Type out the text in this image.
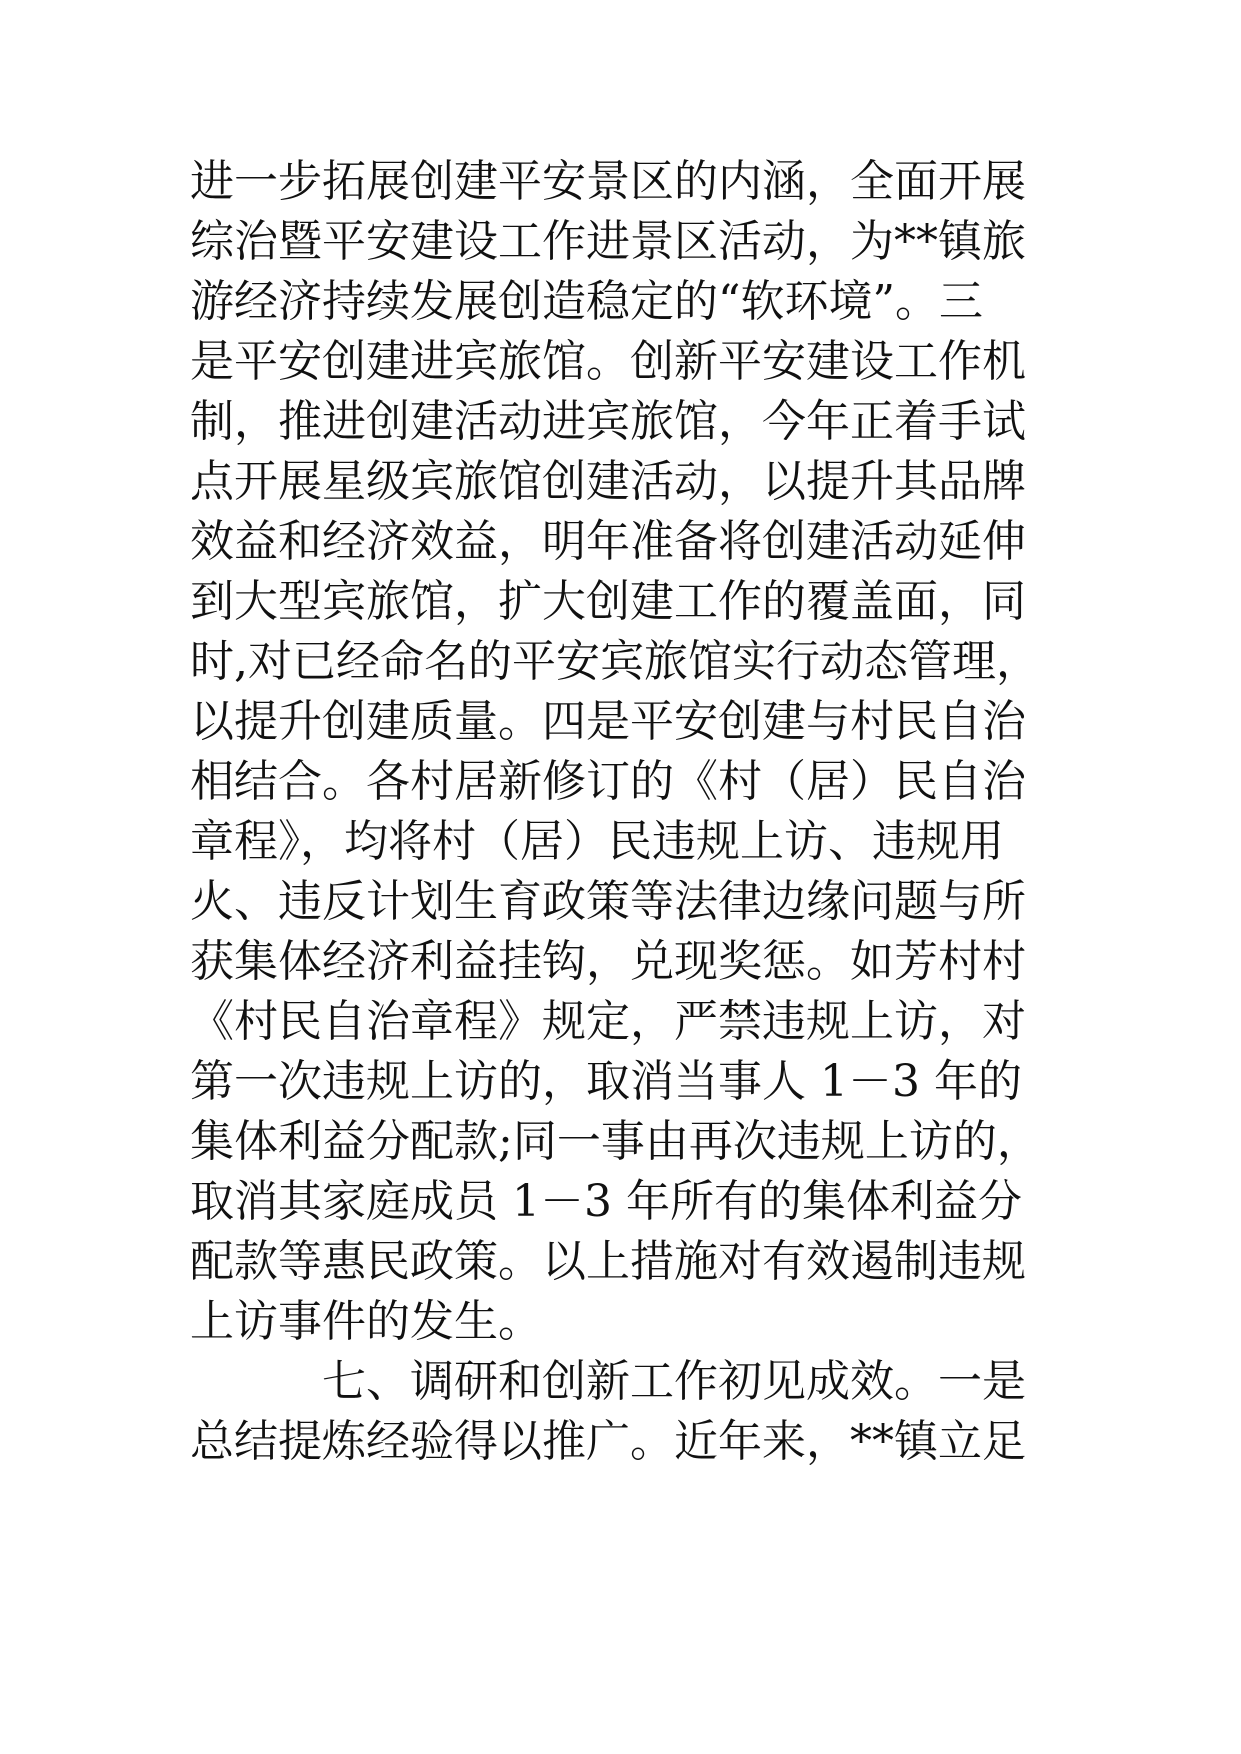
进一步拓展创建平安景区的内涵，全面开展
综治暨平安建设工作进景区活动，为**镇旅
游经济持续发展创造稳定的“软环境”。三
是平安创建进宾旅馆。创新平安建设工作机
制，推进创建活动进宾旅馆，今年正着手试
点开展星级宾旅馆创建活动，以提升其品牌
效益和经济效益，明年准备将创建活动延伸
到大型宾旅馆，扩大创建工作的覆盖面，同
时,对已经命名的平安宾旅馆实行动态管理，
以提升创建质量。四是平安创建与村民自治
相结合。各村居新修订的《村（居）民自治
章程》，均将村（居）民违规上访、违规用
火、违反计划生育政策等法律边缘问题与所
获集体经济利益挂钩，兑现奖惩。如芳村村
《村民自治章程》规定，严禁违规上访，对
第一次违规上访的，取消当事人 1－3 年的
集体利益分配款;同一事由再次违规上访的，
取消其家庭成员 1－3 年所有的集体利益分
配款等惠民政策。以上措施对有效遏制违规
上访事件的发生。
七、调研和创新工作初见成效。一是
总结提炼经验得以推广。近年来，**镇立足
